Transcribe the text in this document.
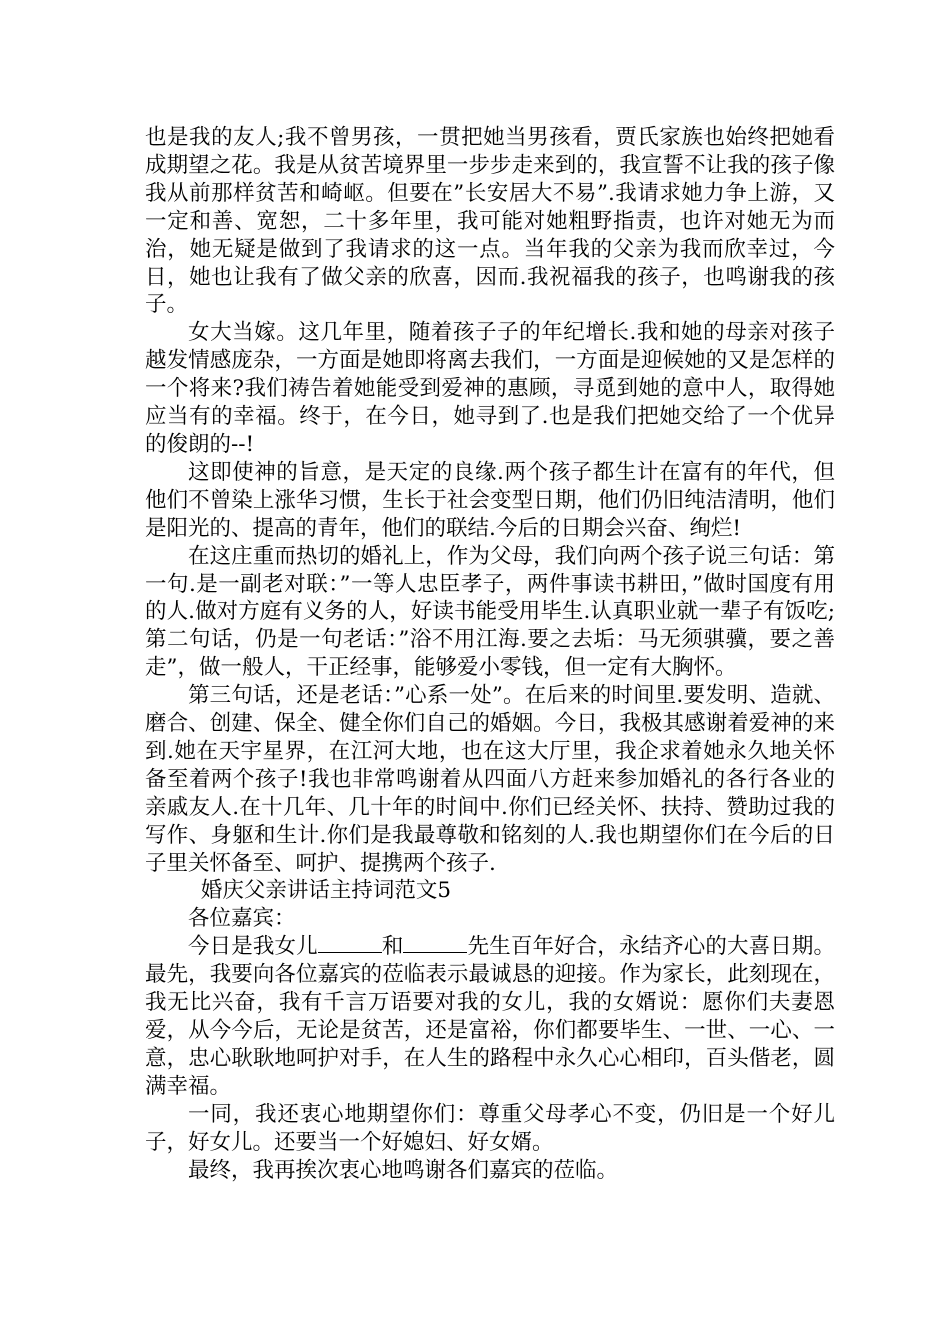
也是我的友人;我不曾男孩，一贯把她当男孩看，贾氏家族也始终把她看成期望之花。我是从贫苦境界里一步步走来到的，我宣誓不让我的孩子像我从前那样贫苦和崎岖。但要在”长安居大不易”.我请求她力争上游，又一定和善、宽恕，二十多年里，我可能对她粗野指责，也许对她无为而治，她无疑是做到了我请求的这一点。当年我的父亲为我而欣幸过，今日，她也让我有了做父亲的欣喜，因而.我祝福我的孩子，也鸣谢我的孩子。

女大当嫁。这几年里，随着孩子子的年纪增长.我和她的母亲对孩子越发情感庞杂，一方面是她即将离去我们，一方面是迎候她的又是怎样的一个将来?我们祷告着她能受到爱神的惠顾，寻觅到她的意中人，取得她应当有的幸福。终于，在今日，她寻到了.也是我们把她交给了一个优异的俊朗的--!

这即使神的旨意，是天定的良缘.两个孩子都生计在富有的年代，但他们不曾染上涨华习惯，生长于社会变型日期，他们仍旧纯洁清明，他们是阳光的、提高的青年，他们的联结.今后的日期会兴奋、绚烂!

在这庄重而热切的婚礼上，作为父母，我们向两个孩子说三句话：第一句.是一副老对联：”一等人忠臣孝子，两件事读书耕田，”做时国度有用的人.做对方庭有义务的人，好读书能受用毕生.认真职业就一辈子有饭吃;第二句话，仍是一句老话：”浴不用江海.要之去垢：马无须骐骥，要之善走”，做一般人，干正经事，能够爱小零钱，但一定有大胸怀。

第三句话，还是老话：”心系一处”。在后来的时间里.要发明、造就、磨合、创建、保全、健全你们自己的婚姻。今日，我极其感谢着爱神的来到.她在天宇星界，在江河大地，也在这大厅里，我企求着她永久地关怀备至着两个孩子!我也非常鸣谢着从四面八方赶来参加婚礼的各行各业的亲戚友人.在十几年、几十年的时间中.你们已经关怀、扶持、赞助过我的写作、身躯和生计.你们是我最尊敬和铭刻的人.我也期望你们在今后的日子里关怀备至、呵护、提携两个孩子.

婚庆父亲讲话主持词范文5

各位嘉宾：

今日是我女儿	和	先生百年好合，永结齐心的大喜日期。最先，我要向各位嘉宾的莅临表示最诚恳的迎接。作为家长，此刻现在，我无比兴奋，我有千言万语要对我的女儿，我的女婿说：愿你们夫妻恩爱，从今今后，无论是贫苦，还是富裕，你们都要毕生、一世、一心、一意，忠心耿耿地呵护对手，在人生的路程中永久心心相印，百头偕老，圆满幸福。

一同，我还衷心地期望你们：尊重父母孝心不变，仍旧是一个好儿子，好女儿。还要当一个好媳妇、好女婿。

最终，我再挨次衷心地鸣谢各们嘉宾的莅临。
